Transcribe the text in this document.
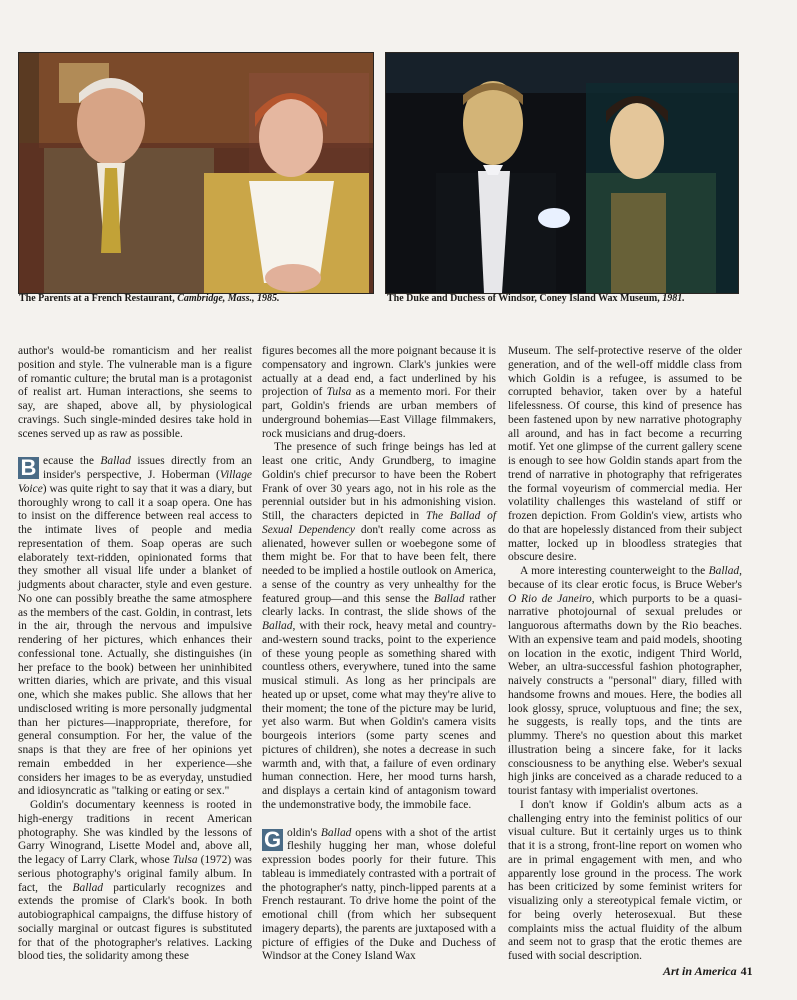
The Parents at a French Restaurant, Cambridge, Mass., 1985.	The Duke and Duchess of Windsor, Coney Island Wax Museum, 1981.

author's would-be romanticism and her realist position and style. The vulnerable man is a figure of romantic culture; the brutal man is a protagonist of realist art. Human interactions, she seems to say, are shaped, above all, by physiological cravings. Such single-minded desires take hold in scenes served up as raw as possible.

B ecause the Ballad issues directly from an insider's perspective, J. Hoberman (Village Voice) was quite right to say that it was a diary, but thoroughly wrong to call it a soap opera. One has to insist on the difference between real access to the intimate lives of people and media representation of them. Soap operas are such elaborately text-ridden, opinionated forms that they smother all visual life under a blanket of judgments about character, style and even gesture. No one can possibly breathe the same atmosphere as the members of the cast. Goldin, in contrast, lets in the air, through the nervous and impulsive rendering of her pictures, which enhances their confessional tone. Actually, she distinguishes (in her preface to the book) between her uninhibited written diaries, which are private, and this visual one, which she makes public. She allows that her undisclosed writing is more personally judgmental than her pictures—inappropriate, therefore, for general consumption. For her, the value of the snaps is that they are free of her opinions yet remain embedded in her experience—she considers her images to be as everyday, unstudied and idiosyncratic as "talking or eating or sex."

Goldin's documentary keenness is rooted in high-energy traditions in recent American photography. She was kindled by the lessons of Garry Winogrand, Lisette Model and, above all, the legacy of Larry Clark, whose Tulsa (1972) was serious photography's original family album. In fact, the Ballad particularly recognizes and extends the promise of Clark's book. In both autobiographical campaigns, the diffuse history of socially marginal or outcast figures is substituted for that of the photographer's relatives. Lacking blood ties, the solidarity among these

figures becomes all the more poignant because it is compensatory and ingrown. Clark's junkies were actually at a dead end, a fact underlined by his projection of Tulsa as a memento mori. For their part, Goldin's friends are urban members of underground bohemias—East Village filmmakers, rock musicians and drug-doers.

The presence of such fringe beings has led at least one critic, Andy Grundberg, to imagine Goldin's chief precursor to have been the Robert Frank of over 30 years ago, not in his role as the perennial outsider but in his admonishing vision. Still, the characters depicted in The Ballad of Sexual Dependency don't really come across as alienated, however sullen or woebegone some of them might be. For that to have been felt, there needed to be implied a hostile outlook on America, a sense of the country as very unhealthy for the featured group—and this sense the Ballad rather clearly lacks. In contrast, the slide shows of the Ballad, with their rock, heavy metal and country-and-western sound tracks, point to the experience of these young people as something shared with countless others, everywhere, tuned into the same musical stimuli. As long as her principals are heated up or upset, come what may they're alive to their moment; the tone of the picture may be lurid, yet also warm. But when Goldin's camera visits bourgeois interiors (some party scenes and pictures of children), she notes a decrease in such warmth and, with that, a failure of even ordinary human connection. Here, her mood turns harsh, and displays a certain kind of antagonism toward the undemonstrative body, the immobile face.

G oldin's Ballad opens with a shot of the artist fleshily hugging her man, whose doleful expression bodes poorly for their future. This tableau is immediately contrasted with a portrait of the photographer's natty, pinch-lipped parents at a French restaurant. To drive home the point of the emotional chill (from which her subsequent imagery departs), the parents are juxtaposed with a picture of effigies of the Duke and Duchess of Windsor at the Coney Island Wax

Museum. The self-protective reserve of the older generation, and of the well-off middle class from which Goldin is a refugee, is assumed to be corrupted behavior, taken over by a hateful lifelessness. Of course, this kind of presence has been fastened upon by new narrative photography all around, and has in fact become a recurring motif. Yet one glimpse of the current gallery scene is enough to see how Goldin stands apart from the trend of narrative in photography that refrigerates the formal voyeurism of commercial media. Her volatility challenges this wasteland of stiff or frozen depiction. From Goldin's view, artists who do that are hopelessly distanced from their subject matter, locked up in bloodless strategies that obscure desire.

A more interesting counterweight to the Ballad, because of its clear erotic focus, is Bruce Weber's O Rio de Janeiro, which purports to be a quasi-narrative photojournal of sexual preludes or languorous aftermaths down by the Rio beaches. With an expensive team and paid models, shooting on location in the exotic, indigent Third World, Weber, an ultra-successful fashion photographer, naively constructs a "personal" diary, filled with handsome frowns and moues. Here, the bodies all look glossy, spruce, voluptuous and fine; the sex, he suggests, is really tops, and the tints are plummy. There's no question about this market illustration being a sincere fake, for it lacks consciousness to be anything else. Weber's sexual high jinks are conceived as a charade reduced to a tourist fantasy with imperialist overtones.

I don't know if Goldin's album acts as a challenging entry into the feminist politics of our visual culture. But it certainly urges us to think that it is a strong, front-line report on women who are in primal engagement with men, and who apparently lose ground in the process. The work has been criticized by some feminist writers for visualizing only a stereotypical female victim, or for being overly heterosexual. But these complaints miss the actual fluidity of the album and seem not to grasp that the erotic themes are fused with social description.

Art in America 41
